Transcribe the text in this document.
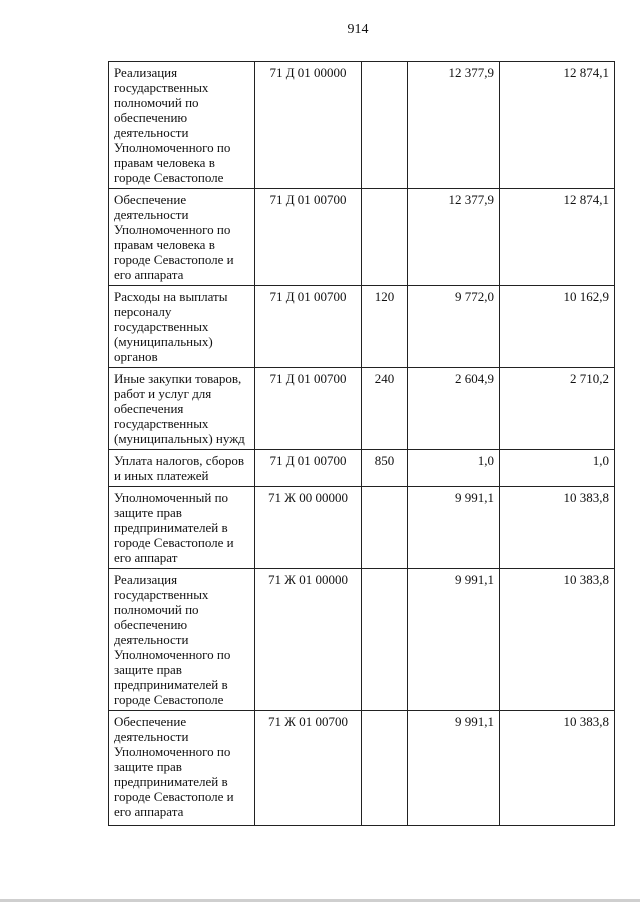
914
Реализация государственных полномочий по обеспечению деятельности Уполномоченного по правам человека в городе Севастополе	71 Д 01 00000		12 377,9	12 874,1
Обеспечение деятельности Уполномоченного по правам человека в городе Севастополе и его аппарата	71 Д 01 00700		12 377,9	12 874,1
Расходы на выплаты персоналу государственных (муниципальных) органов	71 Д 01 00700	120	9 772,0	10 162,9
Иные закупки товаров, работ и услуг для обеспечения государственных (муниципальных) нужд	71 Д 01 00700	240	2 604,9	2 710,2
Уплата налогов, сборов и иных платежей	71 Д 01 00700	850	1,0	1,0
Уполномоченный по защите прав предпринимателей в городе Севастополе и его аппарат	71 Ж 00 00000		9 991,1	10 383,8
Реализация государственных полномочий по обеспечению деятельности Уполномоченного по защите прав предпринимателей в городе Севастополе	71 Ж 01 00000		9 991,1	10 383,8
Обеспечение деятельности Уполномоченного по защите прав предпринимателей в городе Севастополе и его аппарата	71 Ж 01 00700		9 991,1	10 383,8
